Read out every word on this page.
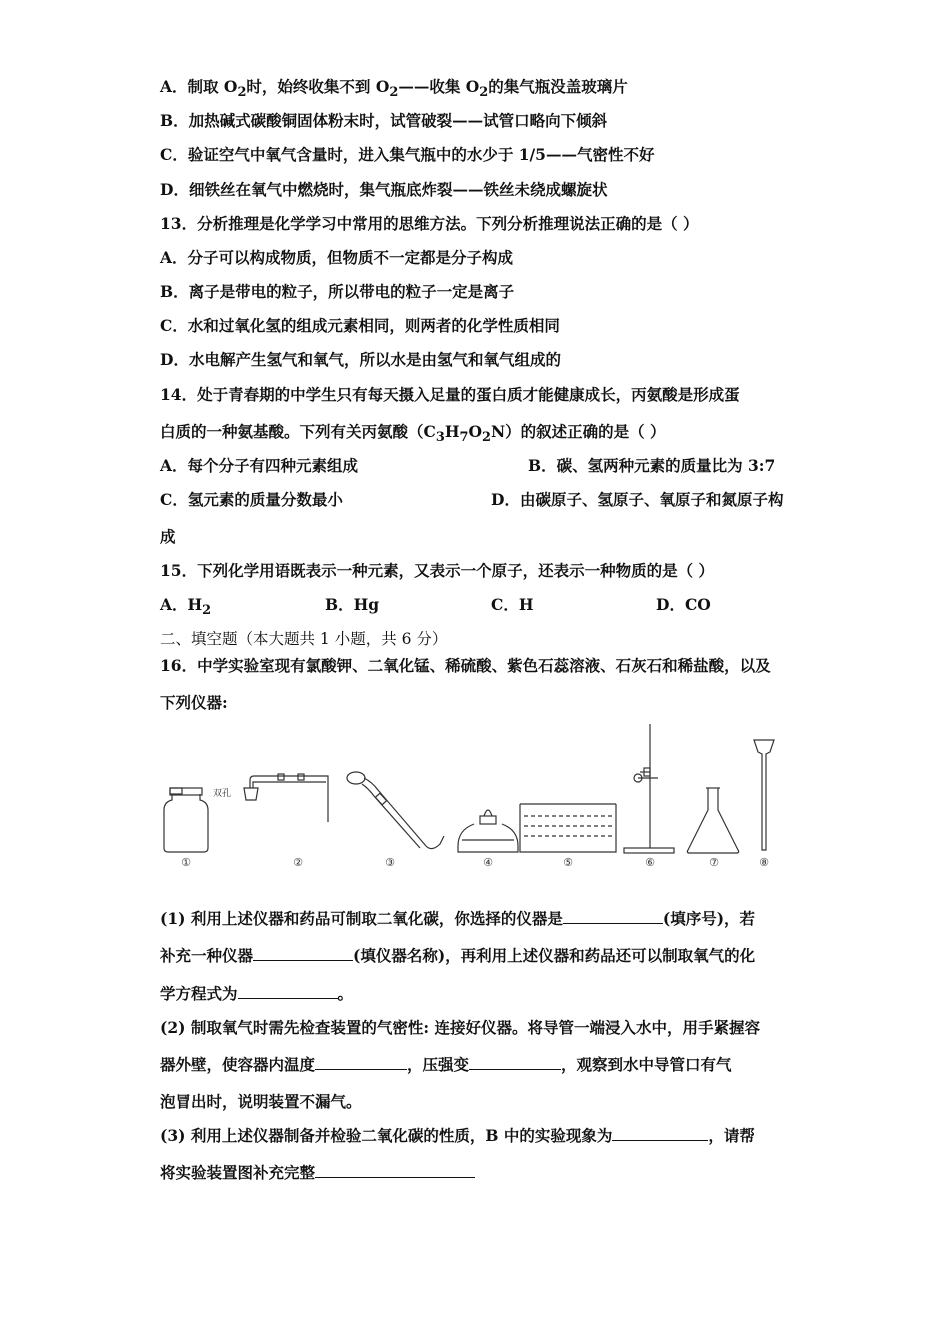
A．制取 $O_2$时，始终收集不到 $O_2——$收集 $O_2$的集气瓶没盖玻璃片
B．加热碱式碳酸铜固体粉末时，试管破裂——试管口略向下倾斜
C．验证空气中氧气含量时，进入集气瓶中的水少于 1/5——气密性不好
D．细铁丝在氧气中燃烧时，集气瓶底炸裂——铁丝未绕成螺旋状
13．分析推理是化学学习中常用的思维方法。下列分析推理说法正确的是（ ）
A．分子可以构成物质，但物质不一定都是分子构成
B．离子是带电的粒子，所以带电的粒子一定是离子
C．水和过氧化氢的组成元素相同，则两者的化学性质相同
D．水电解产生氢气和氧气，所以水是由氢气和氧气组成的
14．处于青春期的中学生只有每天摄入足量的蛋白质才能健康成长，丙氨酸是形成蛋
白质的一种氨基酸。下列有关丙氨酸$(C_3H_7O_2N)$的叙述正确的是（ ）
A．每个分子有四种元素组成	B．碳、氢两种元素的质量比为 3:7
C．氢元素的质量分数最小	D．由碳原子、氢原子、氧原子和氮原子构
成
15．下列化学用语既表示一种元素，又表示一个原子，还表示一种物质的是（ ）
A．$H_2$	B．Hg	C．H	D．CO
二、填空题（本大题共 1 小题，共 6 分）
16．中学实验室现有氯酸钾、二氧化锰、稀硫酸、紫色石蕊溶液、石灰石和稀盐酸，以及
下列仪器:
双孔
①	②	③	④	⑤	⑥	⑦	⑧
(1) 利用上述仪器和药品可制取二氧化碳，你选择的仪器是	(填序号)，若
补充一种仪器	(填仪器名称)，再利用上述仪器和药品还可以制取氧气的化
学方程式为	。
(2) 制取氧气时需先检查装置的气密性: 连接好仪器。将导管一端浸入水中，用手紧握容
器外壁，使容器内温度	，压强变	，观察到水中导管口有气
泡冒出时，说明装置不漏气。
(3) 利用上述仪器制备并检验二氧化碳的性质，B 中的实验现象为	，请帮
将实验装置图补充完整
